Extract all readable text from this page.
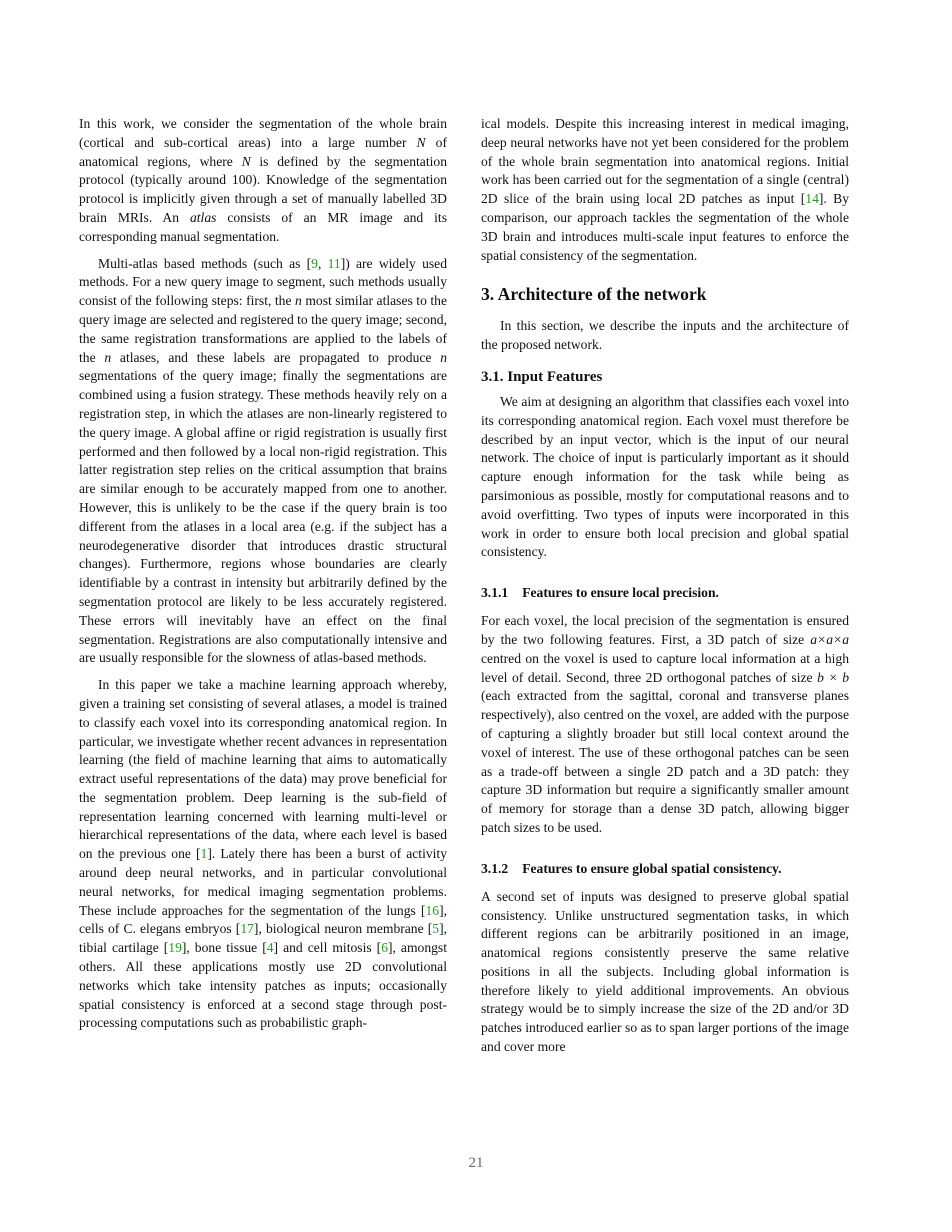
In this work, we consider the segmentation of the whole brain (cortical and sub-cortical areas) into a large number N of anatomical regions, where N is defined by the segmentation protocol (typically around 100). Knowledge of the segmentation protocol is implicitly given through a set of manually labelled 3D brain MRIs. An atlas consists of an MR image and its corresponding manual segmentation.

Multi-atlas based methods (such as [9, 11]) are widely used methods. For a new query image to segment, such methods usually consist of the following steps: first, the n most similar atlases to the query image are selected and registered to the query image; second, the same registration transformations are applied to the labels of the n atlases, and these labels are propagated to produce n segmentations of the query image; finally the segmentations are combined using a fusion strategy. These methods heavily rely on a registration step, in which the atlases are non-linearly registered to the query image. A global affine or rigid registration is usually first performed and then followed by a local non-rigid registration. This latter registration step relies on the critical assumption that brains are similar enough to be accurately mapped from one to another. However, this is unlikely to be the case if the query brain is too different from the atlases in a local area (e.g. if the subject has a neurodegenerative disorder that introduces drastic structural changes). Furthermore, regions whose boundaries are clearly identifiable by a contrast in intensity but arbitrarily defined by the segmentation protocol are likely to be less accurately registered. These errors will inevitably have an effect on the final segmentation. Registrations are also computationally intensive and are usually responsible for the slowness of atlas-based methods.

In this paper we take a machine learning approach whereby, given a training set consisting of several atlases, a model is trained to classify each voxel into its corresponding anatomical region. In particular, we investigate whether recent advances in representation learning (the field of machine learning that aims to automatically extract useful representations of the data) may prove beneficial for the segmentation problem. Deep learning is the sub-field of representation learning concerned with learning multi-level or hierarchical representations of the data, where each level is based on the previous one [1]. Lately there has been a burst of activity around deep neural networks, and in particular convolutional neural networks, for medical imaging segmentation problems. These include approaches for the segmentation of the lungs [16], cells of C. elegans embryos [17], biological neuron membrane [5], tibial cartilage [19], bone tissue [4] and cell mitosis [6], amongst others. All these applications mostly use 2D convolutional networks which take intensity patches as inputs; occasionally spatial consistency is enforced at a second stage through post-processing computations such as probabilistic graph-

ical models. Despite this increasing interest in medical imaging, deep neural networks have not yet been considered for the problem of the whole brain segmentation into anatomical regions. Initial work has been carried out for the segmentation of a single (central) 2D slice of the brain using local 2D patches as input [14]. By comparison, our approach tackles the segmentation of the whole 3D brain and introduces multi-scale input features to enforce the spatial consistency of the segmentation.

3. Architecture of the network

In this section, we describe the inputs and the architecture of the proposed network.

3.1. Input Features

We aim at designing an algorithm that classifies each voxel into its corresponding anatomical region. Each voxel must therefore be described by an input vector, which is the input of our neural network. The choice of input is particularly important as it should capture enough information for the task while being as parsimonious as possible, mostly for computational reasons and to avoid overfitting. Two types of inputs were incorporated in this work in order to ensure both local precision and global spatial consistency.

3.1.1 Features to ensure local precision.

For each voxel, the local precision of the segmentation is ensured by the two following features. First, a 3D patch of size a×a×a centred on the voxel is used to capture local information at a high level of detail. Second, three 2D orthogonal patches of size b × b (each extracted from the sagittal, coronal and transverse planes respectively), also centred on the voxel, are added with the purpose of capturing a slightly broader but still local context around the voxel of interest. The use of these orthogonal patches can be seen as a trade-off between a single 2D patch and a 3D patch: they capture 3D information but require a significantly smaller amount of memory for storage than a dense 3D patch, allowing bigger patch sizes to be used.

3.1.2 Features to ensure global spatial consistency.

A second set of inputs was designed to preserve global spatial consistency. Unlike unstructured segmentation tasks, in which different regions can be arbitrarily positioned in an image, anatomical regions consistently preserve the same relative positions in all the subjects. Including global information is therefore likely to yield additional improvements. An obvious strategy would be to simply increase the size of the 2D and/or 3D patches introduced earlier so as to span larger portions of the image and cover more

21
